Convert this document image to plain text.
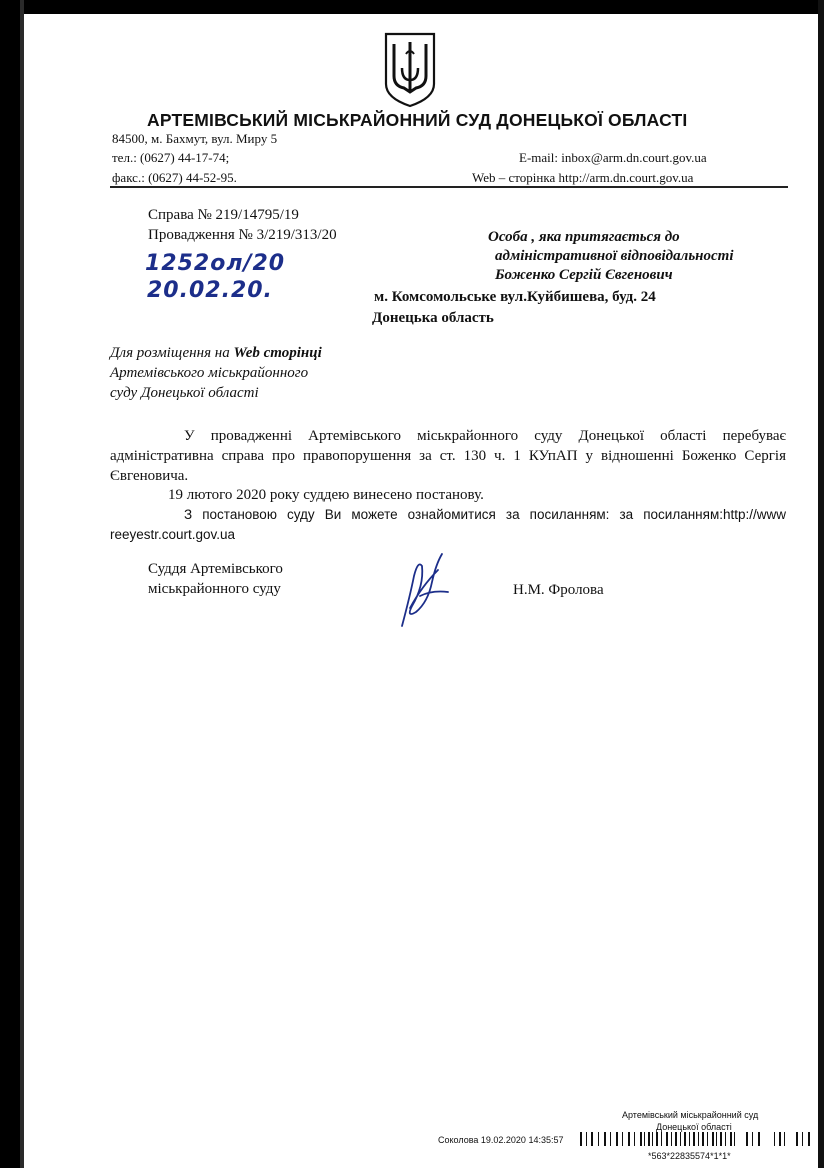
АРТЕМІВСЬКИЙ МІСЬКРАЙОННИЙ СУД ДОНЕЦЬКОЇ ОБЛАСТІ
84500, м. Бахмут, вул. Миру 5
тел.: (0627) 44-17-74;
факс.: (0627) 44-52-95.
E-mail: inbox@arm.dn.court.gov.ua
Web – сторінка http://arm.dn.court.gov.ua
Справа № 219/14795/19
Провадження № 3/219/313/20
1252ол/20
20.02.20.
Особа , яка притягається до
адміністративної відповідальності
Боженко Сергій Євгенович
м. Комсомольське вул.Куйбишева, буд. 24
Донецька область
Для розміщення на Web сторінці
Артемівського міськрайонного
суду Донецької області
У провадженні Артемівського міськрайонного суду Донецької області перебуває адміністративна справа про правопорушення за ст. 130 ч. 1 КУпАП у відношенні Боженко Сергія Євгеновича.
19 лютого 2020 року суддею винесено постанову.
З постановою суду Ви можете ознайомитися за посиланням: за посиланням:http://www reeyestr.court.gov.ua
Суддя Артемівського
міськрайонного суду	Н.М. Фролова
Артемівський міськрайонний суд
Донецької області
Соколова 19.02.2020 14:35:57
*563*22835574*1*1*
